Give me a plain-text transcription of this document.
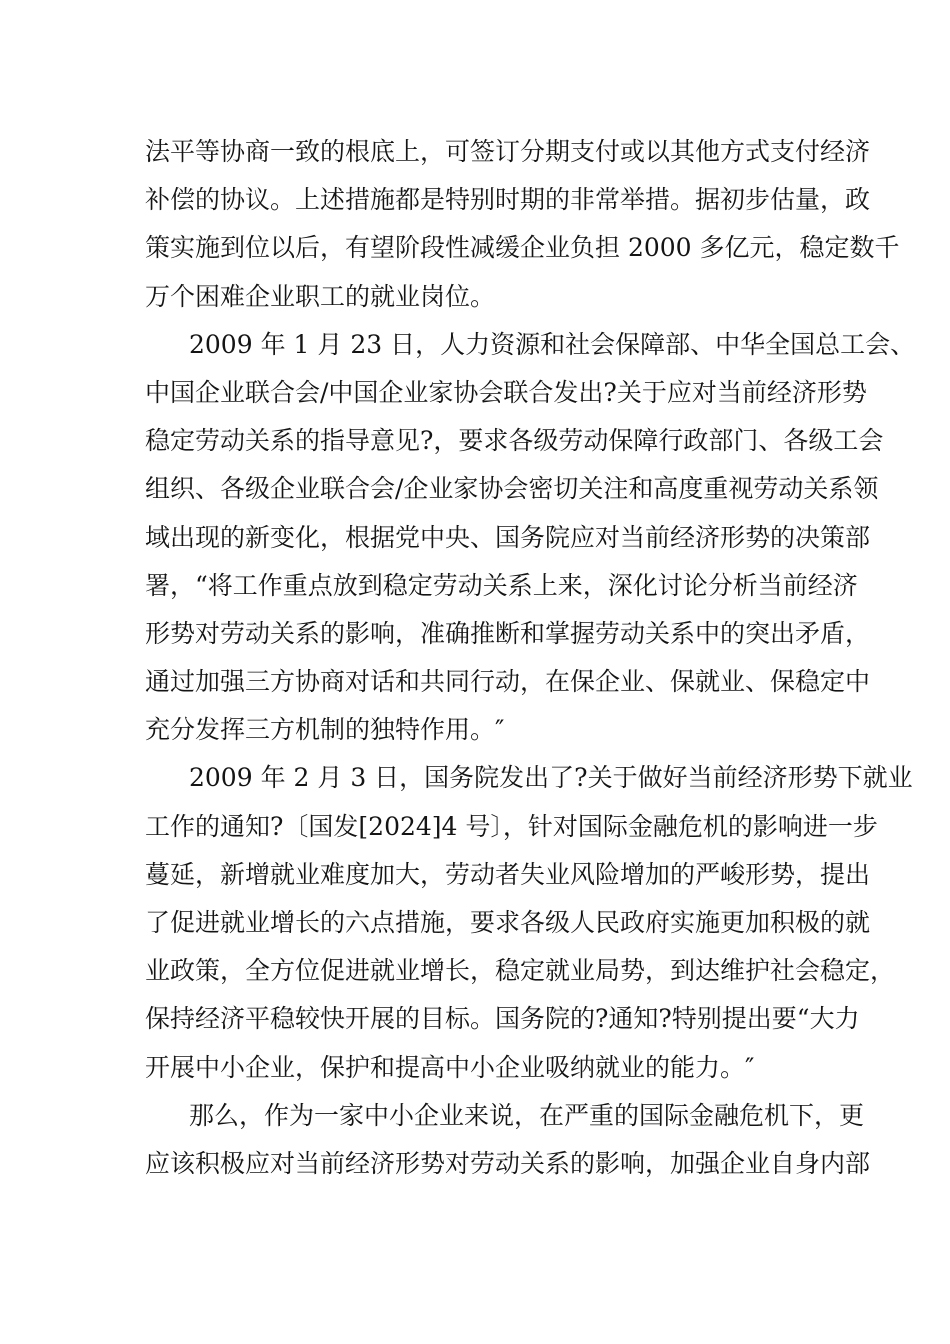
法平等协商一致的根底上，可签订分期支付或以其他方式支付经济
补偿的协议。上述措施都是特别时期的非常举措。据初步估量，政
策实施到位以后，有望阶段性减缓企业负担 2000 多亿元，稳定数千
万个困难企业职工的就业岗位。
2009 年 1 月 23 日，人力资源和社会保障部、中华全国总工会、
中国企业联合会/中国企业家协会联合发出?关于应对当前经济形势
稳定劳动关系的指导意见?，要求各级劳动保障行政部门、各级工会
组织、各级企业联合会/企业家协会密切关注和高度重视劳动关系领
域出现的新变化，根据党中央、国务院应对当前经济形势的决策部
署，“将工作重点放到稳定劳动关系上来，深化讨论分析当前经济
形势对劳动关系的影响，准确推断和掌握劳动关系中的突出矛盾，
通过加强三方协商对话和共同行动，在保企业、保就业、保稳定中
充分发挥三方机制的独特作用。″
2009 年 2 月 3 日，国务院发出了?关于做好当前经济形势下就业
工作的通知?〔国发[2024]4 号〕，针对国际金融危机的影响进一步
蔓延，新增就业难度加大，劳动者失业风险增加的严峻形势，提出
了促进就业增长的六点措施，要求各级人民政府实施更加积极的就
业政策，全方位促进就业增长，稳定就业局势，到达维护社会稳定，
保持经济平稳较快开展的目标。国务院的?通知?特别提出要“大力
开展中小企业，保护和提高中小企业吸纳就业的能力。″
那么，作为一家中小企业来说，在严重的国际金融危机下，更
应该积极应对当前经济形势对劳动关系的影响，加强企业自身内部
